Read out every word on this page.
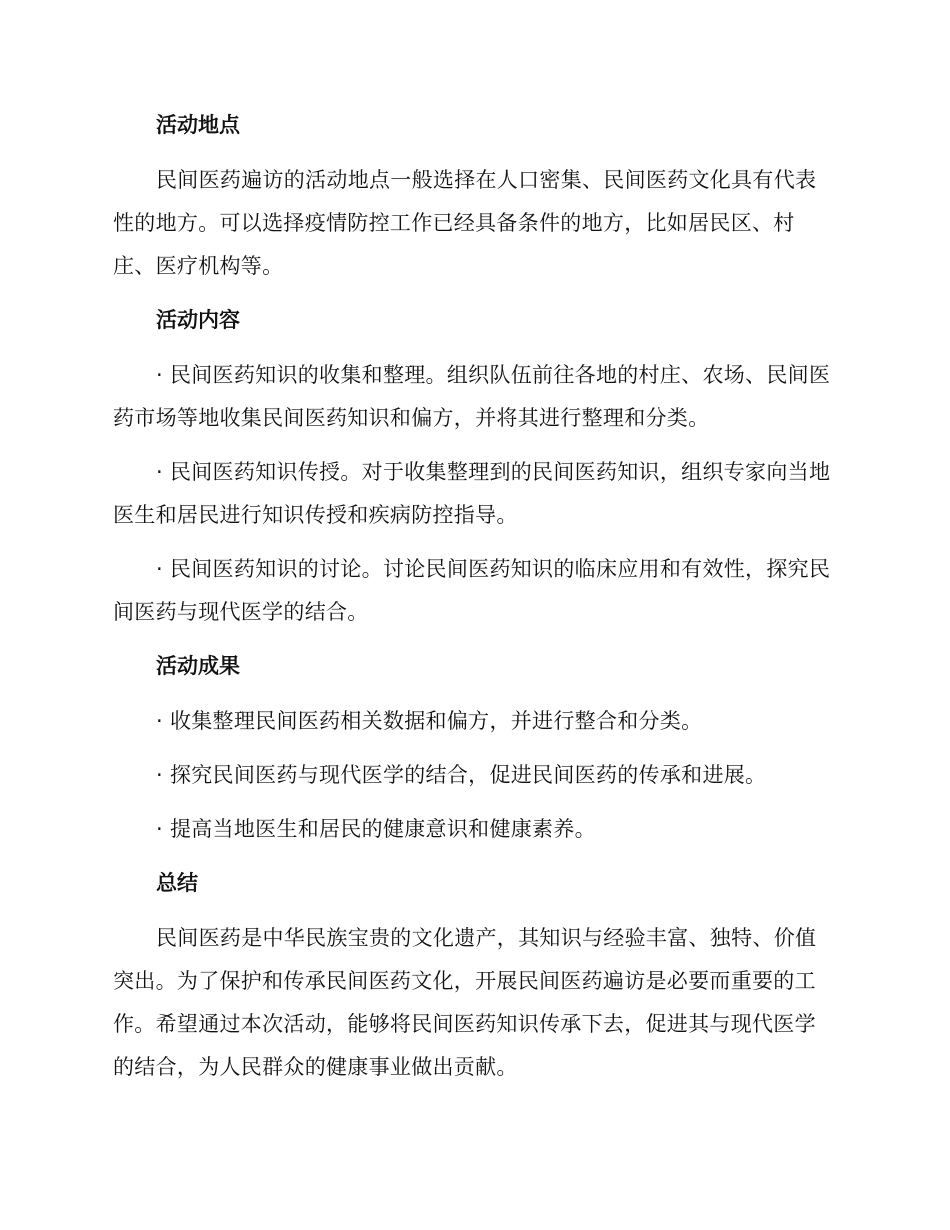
活动地点
民间医药遍访的活动地点一般选择在人口密集、民间医药文化具有代表性的地方。可以选择疫情防控工作已经具备条件的地方，比如居民区、村庄、医疗机构等。
活动内容
· 民间医药知识的收集和整理。组织队伍前往各地的村庄、农场、民间医药市场等地收集民间医药知识和偏方，并将其进行整理和分类。
· 民间医药知识传授。对于收集整理到的民间医药知识，组织专家向当地医生和居民进行知识传授和疾病防控指导。
· 民间医药知识的讨论。讨论民间医药知识的临床应用和有效性，探究民间医药与现代医学的结合。
活动成果
· 收集整理民间医药相关数据和偏方，并进行整合和分类。
· 探究民间医药与现代医学的结合，促进民间医药的传承和进展。
· 提高当地医生和居民的健康意识和健康素养。
总结
民间医药是中华民族宝贵的文化遗产，其知识与经验丰富、独特、价值突出。为了保护和传承民间医药文化，开展民间医药遍访是必要而重要的工作。希望通过本次活动，能够将民间医药知识传承下去，促进其与现代医学的结合，为人民群众的健康事业做出贡献。
